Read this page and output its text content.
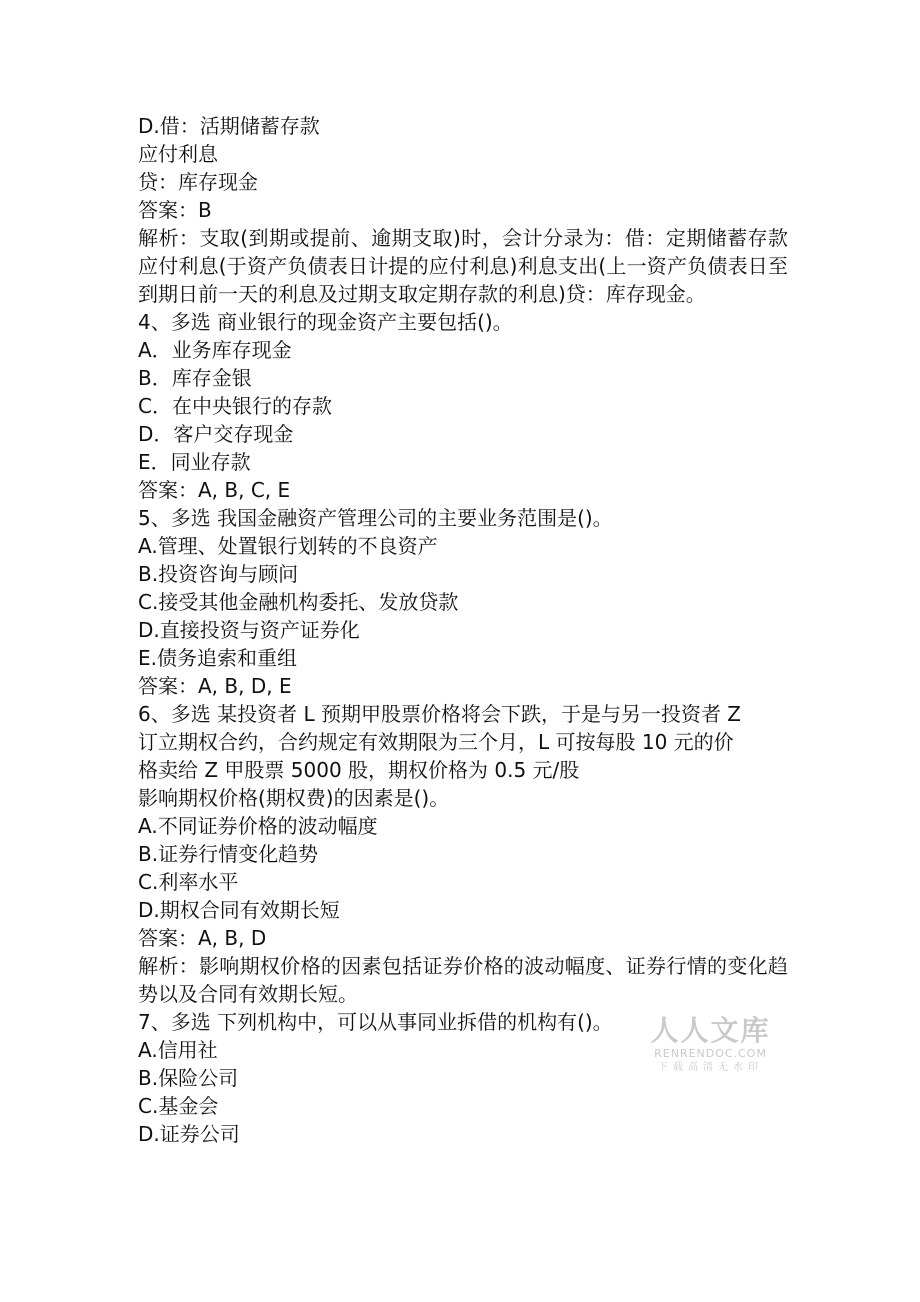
D.借：活期储蓄存款
应付利息
贷：库存现金
答案：B
解析：支取(到期或提前、逾期支取)时，会计分录为：借：定期储蓄存款应付利息(于资产负债表日计提的应付利息)利息支出(上一资产负债表日至到期日前一天的利息及过期支取定期存款的利息)贷：库存现金。
4、多选 商业银行的现金资产主要包括()。
A．业务库存现金
B．库存金银
C．在中央银行的存款
D．客户交存现金
E．同业存款
答案：A, B, C, E
5、多选 我国金融资产管理公司的主要业务范围是()。
A.管理、处置银行划转的不良资产
B.投资咨询与顾问
C.接受其他金融机构委托、发放贷款
D.直接投资与资产证券化
E.债务追索和重组
答案：A, B, D, E
6、多选 某投资者 L 预期甲股票价格将会下跌，于是与另一投资者 Z
订立期权合约，合约规定有效期限为三个月，L 可按每股 10 元的价
格卖给 Z 甲股票 5000 股，期权价格为 0.5 元/股
影响期权价格(期权费)的因素是()。
A.不同证券价格的波动幅度
B.证券行情变化趋势
C.利率水平
D.期权合同有效期长短
答案：A, B, D
解析：影响期权价格的因素包括证券价格的波动幅度、证券行情的变化趋势以及合同有效期长短。
7、多选 下列机构中，可以从事同业拆借的机构有()。
A.信用社
B.保险公司
C.基金会
D.证券公司
人人文库
RENRENDOC.COM
下载高清无水印
